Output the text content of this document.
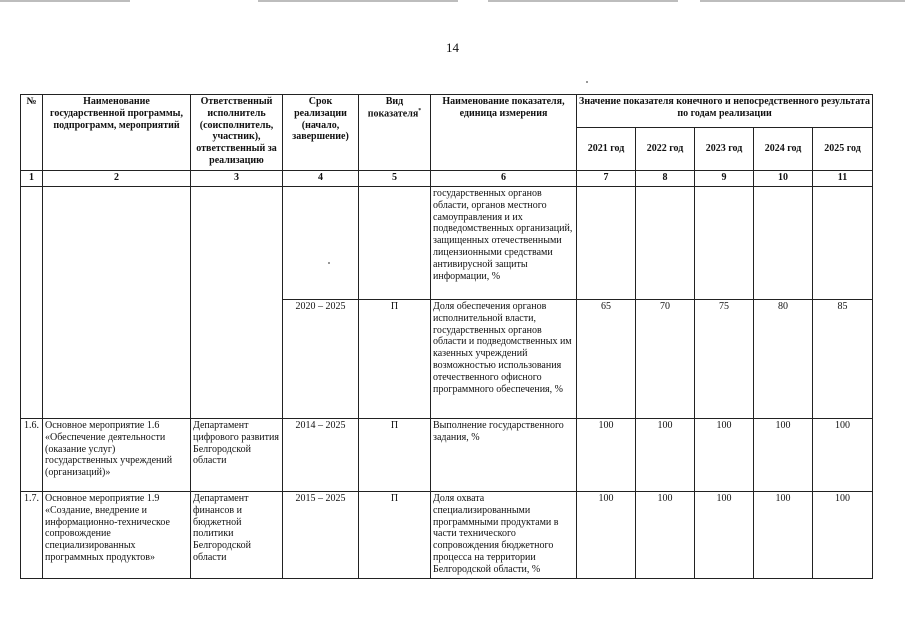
14
№	Наименование государственной программы, подпрограмм, мероприятий	Ответственный исполнитель (соисполнитель, участник), ответственный за реализацию	Срок реализации (начало, завершение)	Вид показателя*	Наименование показателя, единица измерения	Значение показателя конечного и непосредственного результата по годам реализации				
						2021 год	2022 год	2023 год	2024 год	2025 год
1	2	3	4	5	6	7	8	9	10	11
					государственных органов области, органов местного самоуправления и их подведомственных организаций, защищенных отечественными лицензионными средствами антивирусной защиты информации, %					
			2020 – 2025	П	Доля обеспечения органов исполнительной власти, государственных органов области и подведомственных им казенных учреждений возможностью использования отечественного офисного программного обеспечения, %	65	70	75	80	85
1.6.	Основное мероприятие 1.6 «Обеспечение деятельности (оказание услуг) государственных учреждений (организаций)»	Департамент цифрового развития Белгородской области	2014 – 2025	П	Выполнение государственного задания, %	100	100	100	100	100
1.7.	Основное мероприятие 1.9 «Создание, внедрение и информационно-техническое сопровождение специализированных программных продуктов»	Департамент финансов и бюджетной политики Белгородской области	2015 – 2025	П	Доля охвата специализированными программными продуктами в части технического сопровождения бюджетного процесса на территории Белгородской области, %	100	100	100	100	100
